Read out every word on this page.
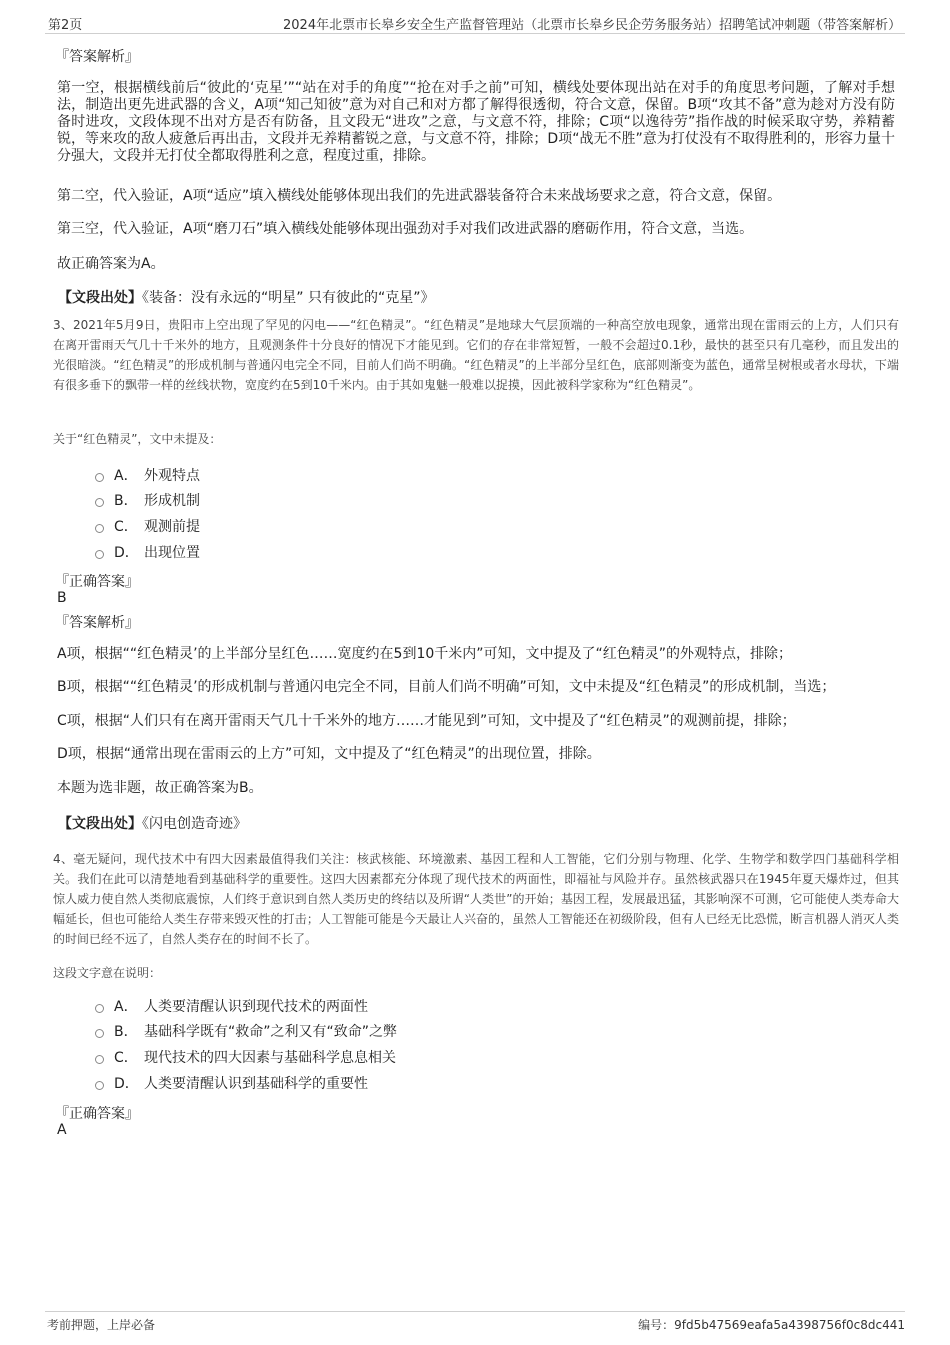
第2页	2024年北票市长皋乡安全生产监督管理站（北票市长皋乡民企劳务服务站）招聘笔试冲刺题（带答案解析）
『答案解析』

第一空，根据横线前后“彼此的‘克星’”“站在对手的角度”“抢在对手之前”可知，横线处要体现出站在对手的角度思考问题，了解对手想法，制造出更先进武器的含义，A项“知己知彼”意为对自己和对方都了解得很透彻，符合文意，保留。B项“攻其不备”意为趁对方没有防备时进攻，文段体现不出对方是否有防备，且文段无“进攻”之意，与文意不符，排除；C项“以逸待劳”指作战的时候采取守势，养精蓄锐，等来攻的敌人疲惫后再出击，文段并无养精蓄锐之意，与文意不符，排除；D项“战无不胜”意为打仗没有不取得胜利的，形容力量十分强大，文段并无打仗全都取得胜利之意，程度过重，排除。

第二空，代入验证，A项“适应”填入横线处能够体现出我们的先进武器装备符合未来战场要求之意，符合文意，保留。

第三空，代入验证，A项“磨刀石”填入横线处能够体现出强劲对手对我们改进武器的磨砺作用，符合文意，当选。

故正确答案为A。

【文段出处】《装备：没有永远的“明星” 只有彼此的“克星”》

3、2021年5月9日，贵阳市上空出现了罕见的闪电——“红色精灵”。“红色精灵”是地球大气层顶端的一种高空放电现象，通常出现在雷雨云的上方，人们只有在离开雷雨天气几十千米外的地方，且观测条件十分良好的情况下才能见到。它们的存在非常短暂，一般不会超过0.1秒，最快的甚至只有几毫秒，而且发出的光很暗淡。“红色精灵”的形成机制与普通闪电完全不同，目前人们尚不明确。“红色精灵”的上半部分呈红色，底部则渐变为蓝色，通常呈树根或者水母状，下端有很多垂下的飘带一样的丝线状物，宽度约在5到10千米内。由于其如鬼魅一般难以捉摸，因此被科学家称为“红色精灵”。

关于“红色精灵”，文中未提及：
A． 外观特点
B． 形成机制
C． 观测前提
D． 出现位置
『正确答案』
B
『答案解析』

A项，根据““红色精灵’的上半部分呈红色……宽度约在5到10千米内”可知，文中提及了“红色精灵”的外观特点，排除；

B项，根据““红色精灵’的形成机制与普通闪电完全不同，目前人们尚不明确”可知，文中未提及“红色精灵”的形成机制，当选；

C项，根据“人们只有在离开雷雨天气几十千米外的地方……才能见到”可知，文中提及了“红色精灵”的观测前提，排除；

D项，根据“通常出现在雷雨云的上方”可知，文中提及了“红色精灵”的出现位置，排除。

本题为选非题，故正确答案为B。

【文段出处】《闪电创造奇迹》

4、毫无疑问，现代技术中有四大因素最值得我们关注：核武核能、环境激素、基因工程和人工智能，它们分别与物理、化学、生物学和数学四门基础科学相关。我们在此可以清楚地看到基础科学的重要性。这四大因素都充分体现了现代技术的两面性，即福祉与风险并存。虽然核武器只在1945年夏天爆炸过，但其惊人威力使自然人类彻底震惊，人们终于意识到自然人类历史的终结以及所谓“人类世”的开始；基因工程，发展最迅猛，其影响深不可测，它可能使人类寿命大幅延长，但也可能给人类生存带来毁灭性的打击；人工智能可能是今天最让人兴奋的，虽然人工智能还在初级阶段，但有人已经无比恐慌，断言机器人消灭人类的时间已经不远了，自然人类存在的时间不长了。

这段文字意在说明：
A． 人类要清醒认识到现代技术的两面性
B． 基础科学既有“救命”之利又有“致命”之弊
C． 现代技术的四大因素与基础科学息息相关
D． 人类要清醒认识到基础科学的重要性
『正确答案』
A
考前押题，上岸必备	编号：9fd5b47569eafa5a4398756f0c8dc441
